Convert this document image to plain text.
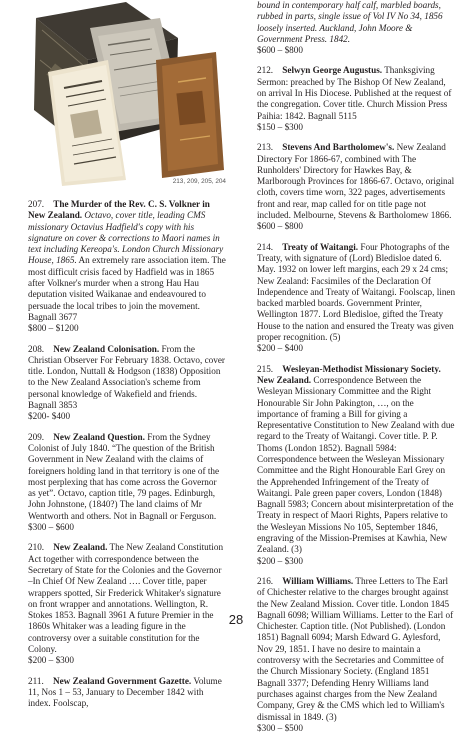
213, 209, 205, 204

207.  The Murder of the Rev. C. S. Volkner in New Zealand. Octavo, cover title, leading CMS missionary Octavius Hadfield's copy with his signature on cover & corrections to Maori names in text including Kereopa's. London Church Missionary House, 1865. An extremely rare association item. The most difficult crisis faced by Hadfield was in 1865 after Volkner's murder when a strong Hau Hau deputation visited Waikanae and endeavoured to persuade the local tribes to join the movement. Bagnall 3677

$800 – $1200

208.  New Zealand Colonisation. From the Christian Observer For February 1838. Octavo, cover title. London, Nuttall & Hodgson (1838) Opposition to the New Zealand Association's scheme from personal knowledge of Wakefield and friends. Bagnall 3853

$200- $400

209.  New Zealand Question. From the Sydney Colonist of July 1840. “The question of the British Government in New Zealand with the claims of foreigners holding land in that territory is one of the most perplexing that has come across the Governor as yet”. Octavo, caption title, 79 pages. Edinburgh, John Johnstone, (1840?) The land claims of Mr Wentworth and others. Not in Bagnall or Ferguson.

$300 – $600

210.  New Zealand. The New Zealand Constitution Act together with correspondence between the Secretary of State for the Colonies and the Governor –In Chief Of New Zealand …. Cover title, paper wrappers spotted, Sir Frederick Whitaker's signature on front wrapper and annotations. Wellington, R. Stokes 1853. Bagnall 3961 A future Premier in the 1860s Whitaker was a leading figure in the controversy over a suitable constitution for the Colony.

$200 – $300

211.  New Zealand Government Gazette. Volume 11, Nos 1 – 53, January to December 1842 with index. Foolscap,

bound in contemporary half calf, marbled boards, rubbed in parts, single issue of Vol IV No 34, 1856 loosely inserted. Auckland, John Moore & Government Press. 1842.

$600 – $800

212.  Selwyn George Augustus. Thanksgiving Sermon: preached by The Bishop Of New Zealand, on arrival In His Diocese. Published at the request of the congregation. Cover title. Church Mission Press Paihia: 1842. Bagnall 5115

$150 – $300

213.  Stevens And Bartholomew's. New Zealand Directory For 1866-67, combined with The Runholders' Directory for Hawkes Bay, & Marlborough Provinces for 1866-67. Octavo, original cloth, covers time worn, 322 pages, advertisements front and rear, map called for on title page not included. Melbourne, Stevens & Bartholomew 1866.

$600 – $800

214.  Treaty of Waitangi. Four Photographs of the Treaty, with signature of (Lord) Bledisloe dated 6. May. 1932 on lower left margins, each 29 x 24 cms; New Zealand: Facsimiles of the Declaration Of Independence and Treaty of Waitangi. Foolscap, linen backed marbled boards. Government Printer, Wellington 1877. Lord Bledisloe, gifted the Treaty House to the nation and ensured the Treaty was given proper recognition. (5)

$200 – $400

215.  Wesleyan-Methodist Missionary Society. New Zealand. Correspondence Between the Wesleyan Missionary Committee and the Right Honourable Sir John Pakington, …, on the importance of framing a Bill for giving a Representative Constitution to New Zealand with due regard to the Treaty of Waitangi. Cover title. P. P. Thoms (London 1852). Bagnall 5984: Correspondence between the Wesleyan Missionary Committee and the Right Honourable Earl Grey on the Apprehended Infringement of the Treaty of Waitangi. Pale green paper covers, London (1848) Bagnall 5983; Concern about misinterpretation of the Treaty in respect of Maori Rights, Papers relative to the Wesleyan Missions No 105, September 1846, engraving of the Mission-Premises at Kawhia, New Zealand. (3)

$200 – $300

216.  William Williams. Three Letters to The Earl of Chichester relative to the charges brought against the New Zealand Mission. Cover title. London 1845 Bagnall 6098; William Williams. Letter to the Earl of Chichester. Caption title. (Not Published). (London 1851) Bagnall 6094; Marsh Edward G. Aylesford, Nov 29, 1851. I have no desire to maintain a controversy with the Secretaries and Committee of the Church Missionary Society. (England 1851 Bagnall 3377; Defending Henry Williams land purchases against charges from the New Zealand Company, Grey & the CMS which led to William's dismissal in 1849. (3)

$300 – $500
28
